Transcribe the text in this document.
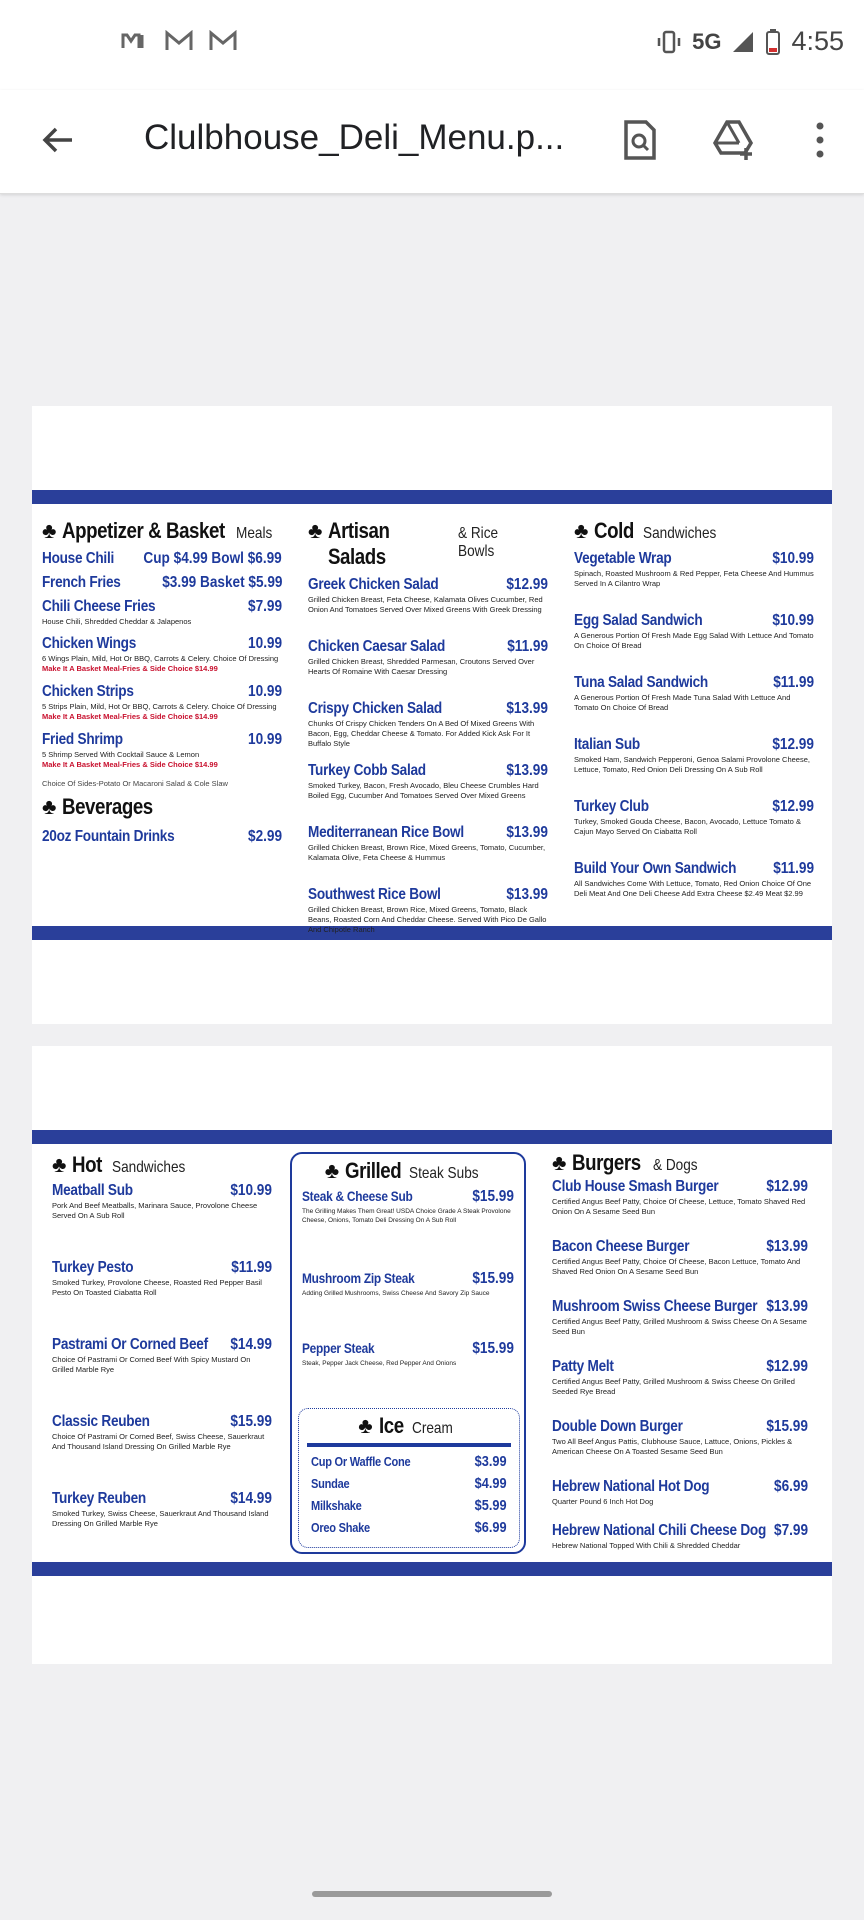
5G	4:55
Clulbhouse_Deli_Menu.p...
♣ Appetizer & Basket Meals
House Chili Cup $4.99 Bowl $6.99
French Fries	$3.99 Basket $5.99
Chili Cheese Fries	$7.99
House Chili, Shredded Cheddar & Jalapenos
Chicken Wings	10.99
6 Wings Plain, Mild, Hot Or BBQ, Carrots & Celery. Choice Of Dressing
Make It A Basket Meal-Fries & Side Choice $14.99
Chicken Strips	10.99
5 Strips Plain, Mild, Hot Or BBQ, Carrots & Celery. Choice Of Dressing
Make It A Basket Meal-Fries & Side Choice $14.99
Fried Shrimp	10.99
5 Shrimp Served With Cocktail Sauce & Lemon
Make It A Basket Meal-Fries & Side Choice $14.99
Choice Of Sides-Potato Or Macaroni Salad & Cole Slaw
♣ Beverages
20oz Fountain Drinks	$2.99
♣ Artisan Salads
& Rice Bowls
Greek Chicken Salad	$12.99
Grilled Chicken Breast, Feta Cheese, Kalamata Olives Cucumber, Red Onion And Tomatoes Served Over Mixed Greens With Greek Dressing
Chicken Caesar Salad	$11.99
Grilled Chicken Breast, Shredded Parmesan, Croutons Served Over Hearts Of Romaine With Caesar Dressing
Crispy Chicken Salad	$13.99
Chunks Of Crispy Chicken Tenders On A Bed Of Mixed Greens With Bacon, Egg, Cheddar Cheese & Tomato. For Added Kick Ask For It Buffalo Style
Turkey Cobb Salad	$13.99
Smoked Turkey, Bacon, Fresh Avocado, Bleu Cheese Crumbles Hard Boiled Egg, Cucumber And Tomatoes Served Over Mixed Greens
Mediterranean Rice Bowl	$13.99
Grilled Chicken Breast, Brown Rice, Mixed Greens, Tomato, Cucumber, Kalamata Olive, Feta Cheese & Hummus
Southwest Rice Bowl	$13.99
Grilled Chicken Breast, Brown Rice, Mixed Greens, Tomato, Black Beans, Roasted Corn And Cheddar Cheese. Served With Pico De Gallo And Chipotle Ranch
♣ Cold Sandwiches
Vegetable Wrap	$10.99
Spinach, Roasted Mushroom & Red Pepper, Feta Cheese And Hummus Served In A Cilantro Wrap
Egg Salad Sandwich	$10.99
A Generous Portion Of Fresh Made Egg Salad With Lettuce And Tomato On Choice Of Bread
Tuna Salad Sandwich	$11.99
A Generous Portion Of Fresh Made Tuna Salad With Lettuce And Tomato On Choice Of Bread
Italian Sub	$12.99
Smoked Ham, Sandwich Pepperoni, Genoa Salami Provolone Cheese, Lettuce, Tomato, Red Onion Deli Dressing On A Sub Roll
Turkey Club	$12.99
Turkey, Smoked Gouda Cheese, Bacon, Avocado, Lettuce Tomato & Cajun Mayo Served On Ciabatta Roll
Build Your Own Sandwich $11.99
All Sandwiches Come With Lettuce, Tomato, Red Onion Choice Of One Deli Meat And One Deli Cheese Add Extra Cheese $2.49 Meat $2.99
♣ Hot Sandwiches
Meatball Sub	$10.99
Pork And Beef Meatballs, Marinara Sauce, Provolone Cheese Served On A Sub Roll
Turkey Pesto	$11.99
Smoked Turkey, Provolone Cheese, Roasted Red Pepper Basil Pesto On Toasted Ciabatta Roll
Pastrami Or Corned Beef $14.99
Choice Of Pastrami Or Corned Beef With Spicy Mustard On Grilled Marble Rye
Classic Reuben	$15.99
Choice Of Pastrami Or Corned Beef, Swiss Cheese, Sauerkraut And Thousand Island Dressing On Grilled Marble Rye
Turkey Reuben	$14.99
Smoked Turkey, Swiss Cheese, Sauerkraut And Thousand Island Dressing On Grilled Marble Rye
♣ Grilled Steak Subs
Steak & Cheese Sub	$15.99
The Grilling Makes Them Great! USDA Choice Grade A Steak Provolone Cheese, Onions, Tomato Deli Dressing On A Sub Roll
Mushroom Zip Steak	$15.99
Adding Grilled Mushrooms, Swiss Cheese And Savory Zip Sauce
Pepper Steak	$15.99
Steak, Pepper Jack Cheese, Red Pepper And Onions
♣ Ice Cream
Cup Or Waffle Cone	$3.99
Sundae	$4.99
Milkshake	$5.99
Oreo Shake	$6.99
♣ Burgers & Dogs
Club House Smash Burger	$12.99
Certified Angus Beef Patty, Choice Of Cheese, Lettuce, Tomato Shaved Red Onion On A Sesame Seed Bun
Bacon Cheese Burger	$13.99
Certified Angus Beef Patty, Choice Of Cheese, Bacon Lettuce, Tomato And Shaved Red Onion On A Sesame Seed Bun
Mushroom Swiss Cheese Burger $13.99
Certified Angus Beef Patty, Grilled Mushroom & Swiss Cheese On A Sesame Seed Bun
Patty Melt	$12.99
Certified Angus Beef Patty, Grilled Mushroom & Swiss Cheese On Grilled Seeded Rye Bread
Double Down Burger	$15.99
Two All Beef Angus Pattis, Clubhouse Sauce, Lattuce, Onions, Pickles & American Cheese On A Toasted Sesame Seed Bun
Hebrew National Hot Dog	$6.99
Quarter Pound 6 Inch Hot Dog
Hebrew National Chili Cheese Dog $7.99
Hebrew National Topped With Chili & Shredded Cheddar
